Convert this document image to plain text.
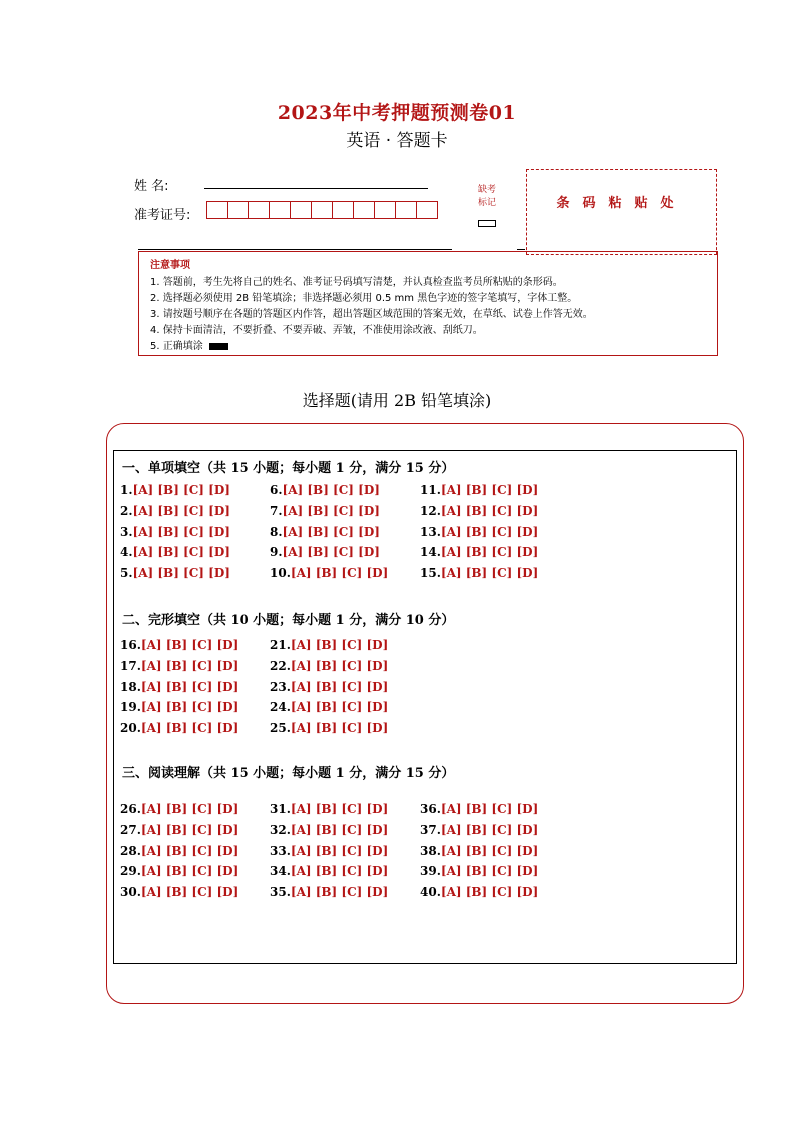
2023年中考押题预测卷01
英语 · 答题卡
姓 名:
准考证号:
缺考
标记	条码粘贴处
注意事项
1. 答题前，考生先将自己的姓名、准考证号码填写清楚，并认真检查监考员所粘贴的条形码。
2. 选择题必须使用 2B 铅笔填涂；非选择题必须用 0.5 mm 黑色字迹的签字笔填写，字体工整。
3. 请按题号顺序在各题的答题区内作答，超出答题区域范围的答案无效，在草纸、试卷上作答无效。
4. 保持卡面清洁，不要折叠、不要弄破、弄皱，不准使用涂改液、刮纸刀。
5. 正确填涂
选择题(请用 2B 铅笔填涂)
一、单项填空（共 15 小题；每小题 1 分，满分 15 分）
二、完形填空（共 10 小题；每小题 1 分，满分 10 分）
三、阅读理解（共 15 小题；每小题 1 分，满分 15 分）
1.[A] [B] [C] [D]
2.[A] [B] [C] [D]
3.[A] [B] [C] [D]
4.[A] [B] [C] [D]
5.[A] [B] [C] [D]
6.[A] [B] [C] [D]
7.[A] [B] [C] [D]
8.[A] [B] [C] [D]
9.[A] [B] [C] [D]
10.[A] [B] [C] [D]
11.[A] [B] [C] [D]
12.[A] [B] [C] [D]
13.[A] [B] [C] [D]
14.[A] [B] [C] [D]
15.[A] [B] [C] [D]
16.[A] [B] [C] [D]
17.[A] [B] [C] [D]
18.[A] [B] [C] [D]
19.[A] [B] [C] [D]
20.[A] [B] [C] [D]
21.[A] [B] [C] [D]
22.[A] [B] [C] [D]
23.[A] [B] [C] [D]
24.[A] [B] [C] [D]
25.[A] [B] [C] [D]
26.[A] [B] [C] [D]
27.[A] [B] [C] [D]
28.[A] [B] [C] [D]
29.[A] [B] [C] [D]
30.[A] [B] [C] [D]
31.[A] [B] [C] [D]
32.[A] [B] [C] [D]
33.[A] [B] [C] [D]
34.[A] [B] [C] [D]
35.[A] [B] [C] [D]
36.[A] [B] [C] [D]
37.[A] [B] [C] [D]
38.[A] [B] [C] [D]
39.[A] [B] [C] [D]
40.[A] [B] [C] [D]
